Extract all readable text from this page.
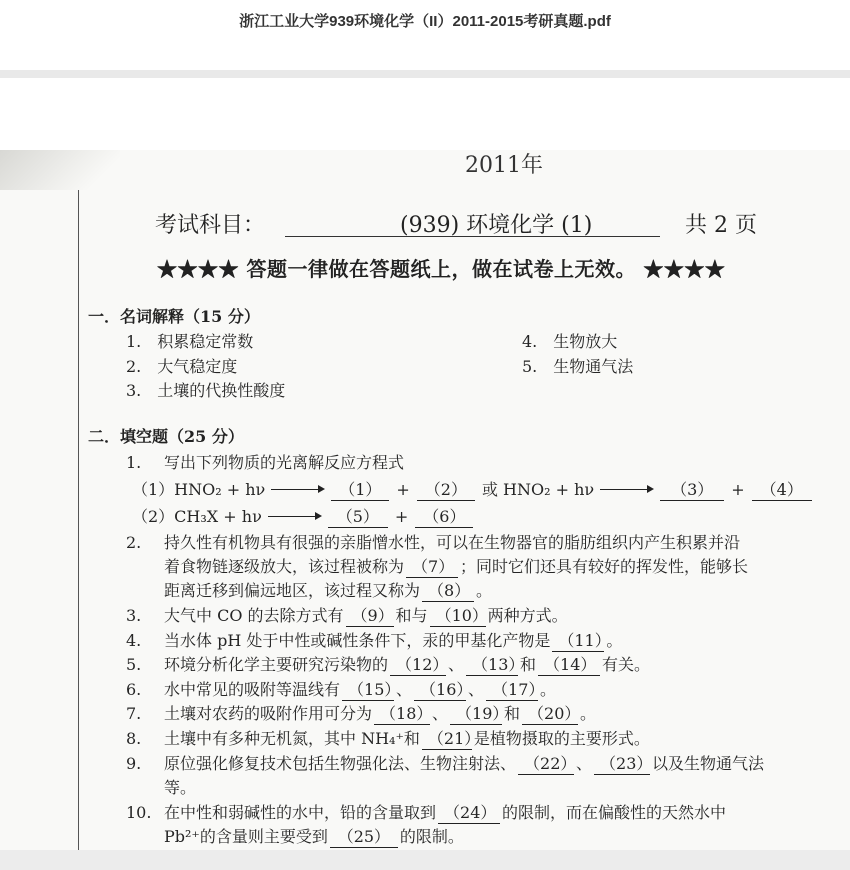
浙江工业大学939环境化学（II）2011-2015考研真题.pdf
2011年
考试科目：	(939) 环境化学 (1)	共 2 页
★★★★ 答题一律做在答题纸上，做在试卷上无效。 ★★★★
一．名词解释（15 分）
1.　积累稳定常数
2.　大气稳定度
3.　土壤的代换性酸度
4.　生物放大
5.　生物通气法
二．填空题（25 分）
1. 写出下列物质的光离解反应方程式
（1）HNO₂ + hν	（1） + （2） 或 HNO₂ + hν	（3） + （4）
（2）CH₃X + hν	（5） + （6）
2. 持久性有机物具有很强的亲脂憎水性，可以在生物器官的脂肪组织内产生积累并沿
着食物链逐级放大，该过程被称为 （7） ；同时它们还具有较好的挥发性，能够长
距离迁移到偏远地区，该过程又称为 （8） 。
3. 大气中 CO 的去除方式有 （9） 和与 （10）两种方式。
4. 当水体 pH 处于中性或碱性条件下，汞的甲基化产物是 （11）。
5. 环境分析化学主要研究污染物的 （12）、 （13）和 （14） 有关。
6. 水中常见的吸附等温线有 （15）、 （16）、 （17）。
7. 土壤对农药的吸附作用可分为 （18）、 （19）和 （20）。
8. 土壤中有多种无机氮，其中 NH₄⁺和 （21）是植物摄取的主要形式。
9. 原位强化修复技术包括生物强化法、生物注射法、 （22）、 （23）以及生物通气法
等。
10. 在中性和弱碱性的水中，铅的含量取到 （24） 的限制，而在偏酸性的天然水中
Pb²⁺的含量则主要受到 （25） 的限制。
